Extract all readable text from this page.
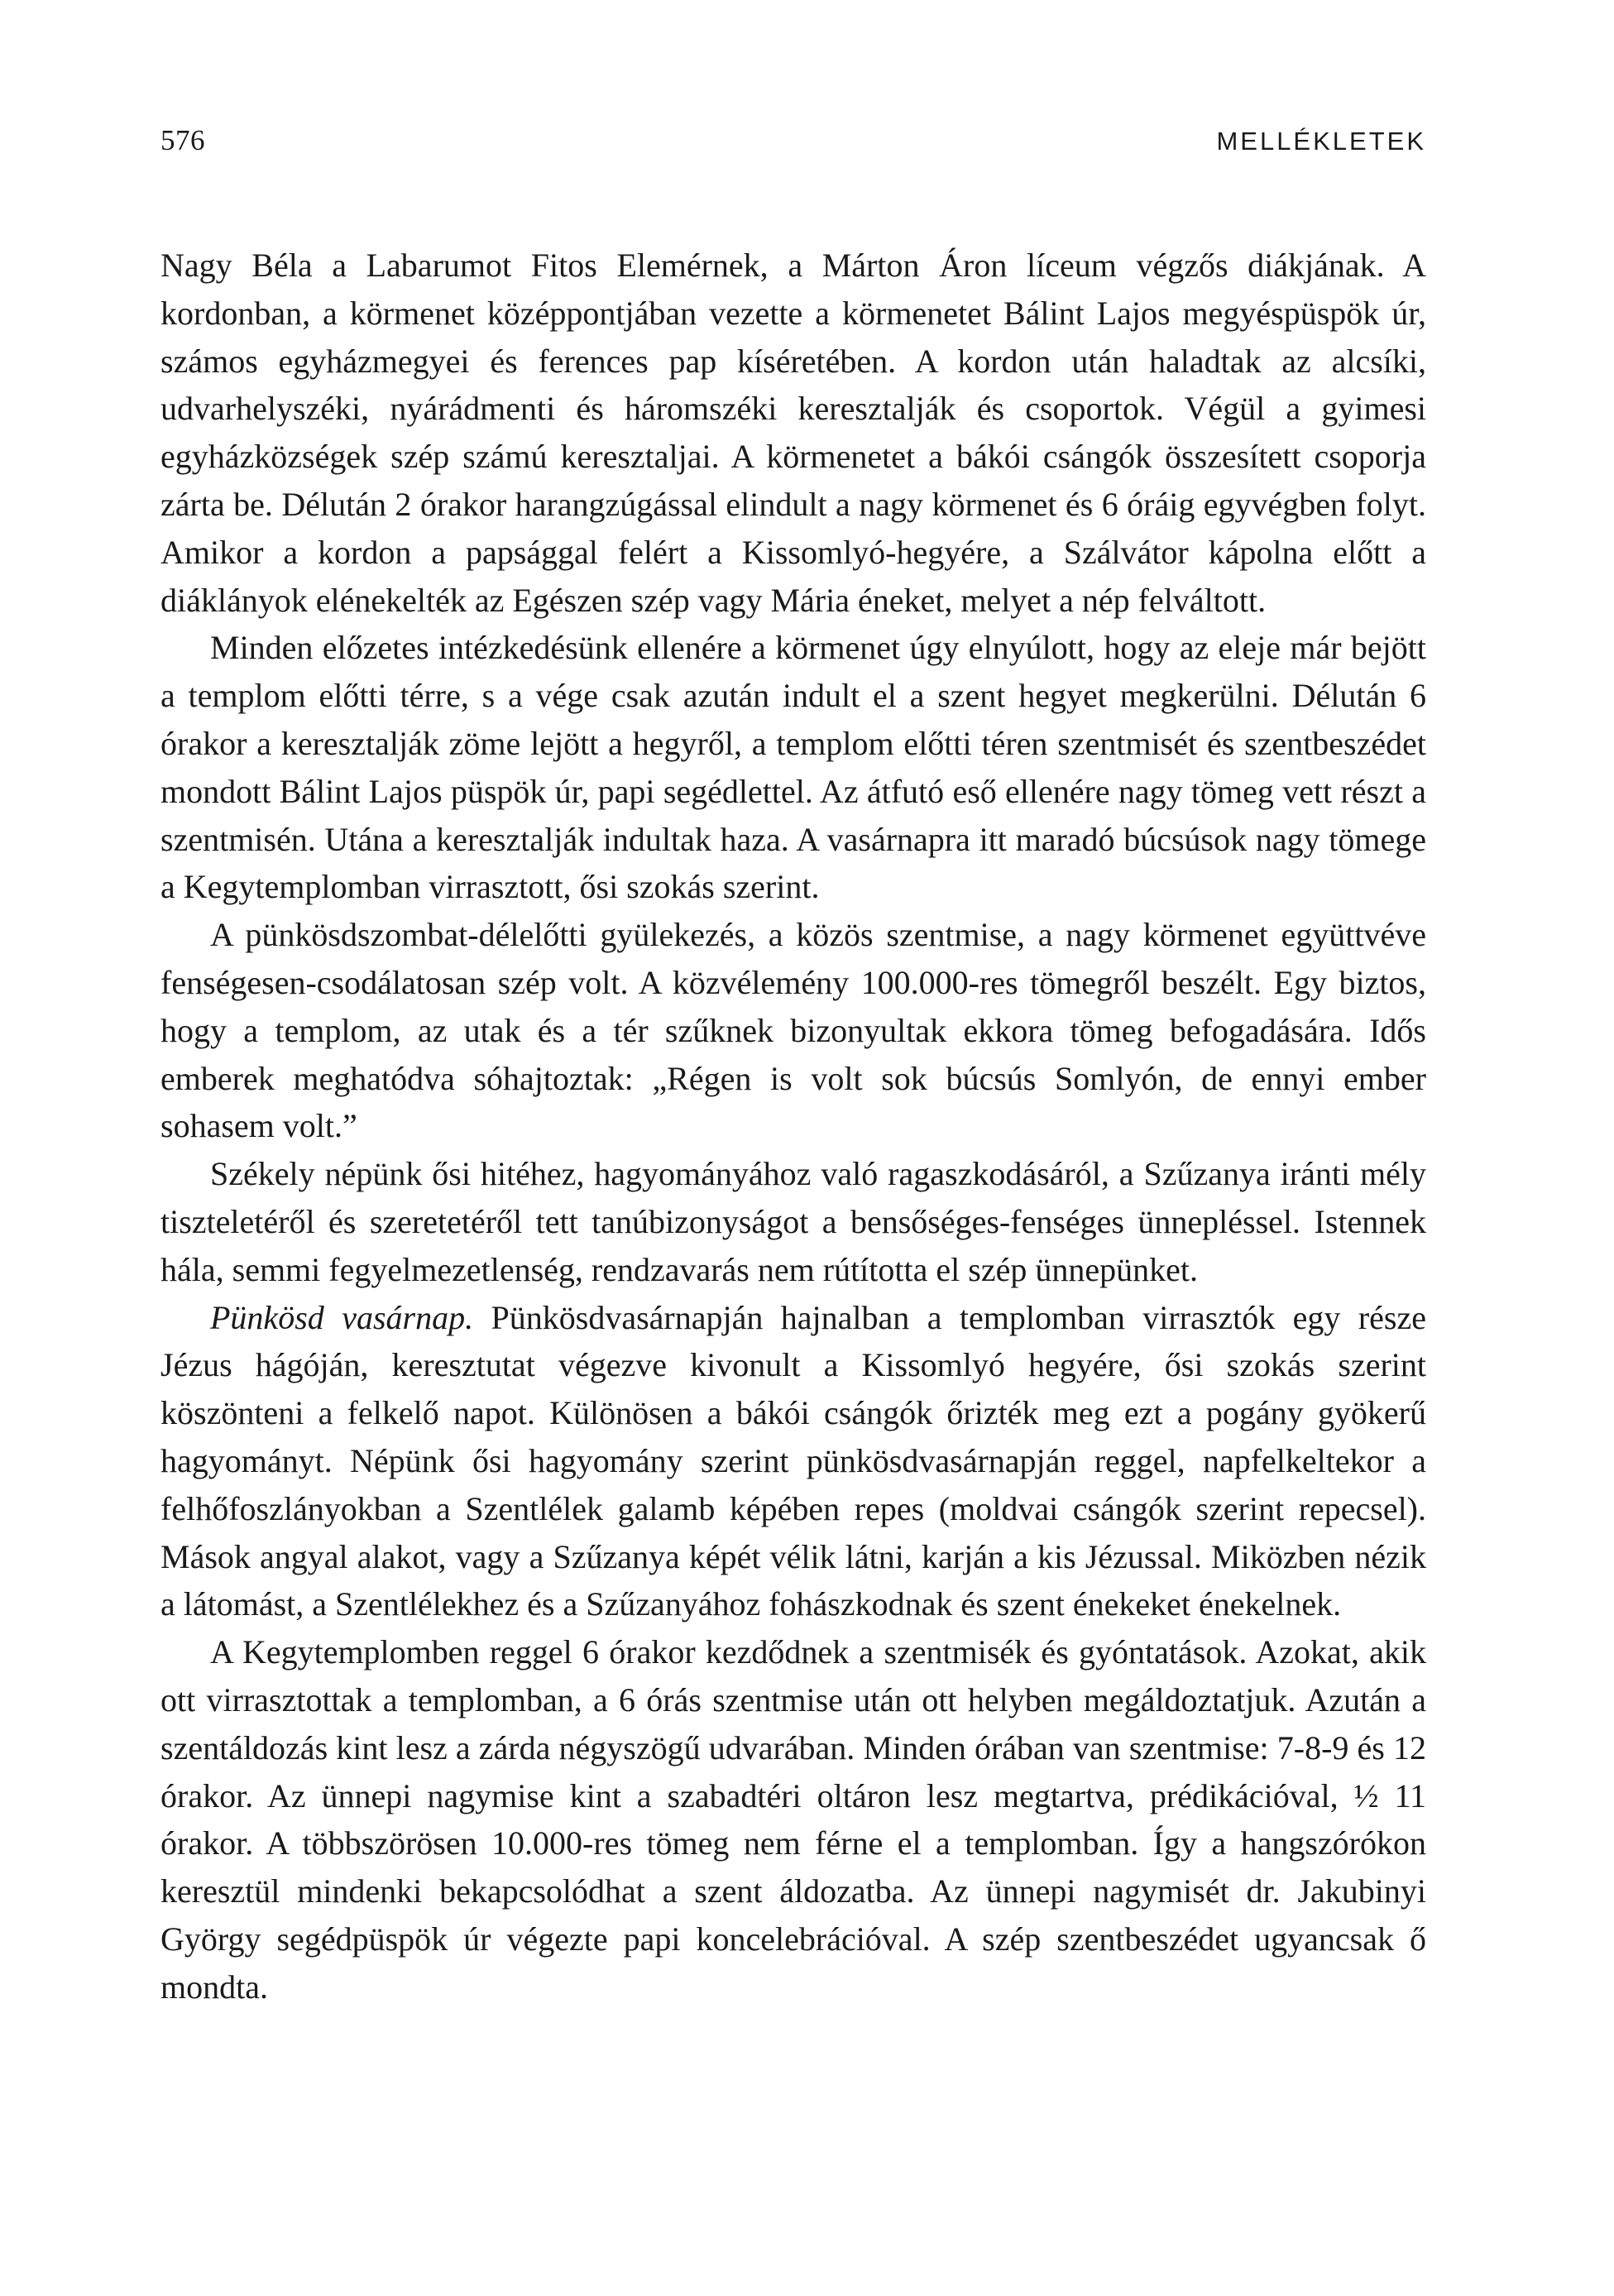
576	MELLÉKLETEK

Nagy Béla a Labarumot Fitos Elemérnek, a Márton Áron líceum végzős diákjának. A kordonban, a körmenet középpontjában vezette a körmenetet Bálint Lajos megyéspüspök úr, számos egyházmegyei és ferences pap kíséretében. A kordon után haladtak az alcsíki, udvarhelyszéki, nyárádmenti és háromszéki keresztalják és csoportok. Végül a gyimesi egyházközségek szép számú keresztaljai. A körmenetet a bákói csángók összesített csoporja zárta be. Délután 2 órakor harangzúgással elindult a nagy körmenet és 6 óráig egyvégben folyt. Amikor a kordon a papsággal felért a Kissomlyó-hegyére, a Szálvátor kápolna előtt a diáklányok elénekelték az Egészen szép vagy Mária éneket, melyet a nép felváltott.

Minden előzetes intézkedésünk ellenére a körmenet úgy elnyúlott, hogy az eleje már bejött a templom előtti térre, s a vége csak azután indult el a szent hegyet megkerülni. Délután 6 órakor a keresztalják zöme lejött a hegyről, a templom előtti téren szentmisét és szentbeszédet mondott Bálint Lajos püspök úr, papi segédlettel. Az átfutó eső ellenére nagy tömeg vett részt a szentmisén. Utána a keresztalják indultak haza. A vasárnapra itt maradó búcsúsok nagy tömege a Kegytemplomban virrasztott, ősi szokás szerint.

A pünkösdszombat-délelőtti gyülekezés, a közös szentmise, a nagy körmenet együttvéve fenségesen-csodálatosan szép volt. A közvélemény 100.000-res tömegről beszélt. Egy biztos, hogy a templom, az utak és a tér szűknek bizonyultak ekkora tömeg befogadására. Idős emberek meghatódva sóhajtoztak: „Régen is volt sok búcsús Somlyón, de ennyi ember sohasem volt.”

Székely népünk ősi hitéhez, hagyományához való ragaszkodásáról, a Szűzanya iránti mély tiszteletéről és szeretetéről tett tanúbizonyságot a bensőséges-fenséges ünnepléssel. Istennek hála, semmi fegyelmezetlenség, rendzavarás nem rútította el szép ünnepünket.

Pünkösd vasárnap. Pünkösdvasárnapján hajnalban a templomban virrasztók egy része Jézus hágóján, keresztutat végezve kivonult a Kissomlyó hegyére, ősi szokás szerint köszönteni a felkelő napot. Különösen a bákói csángók őrizték meg ezt a pogány gyökerű hagyományt. Népünk ősi hagyomány szerint pünkösdvasárnapján reggel, napfelkeltekor a felhőfoszlányokban a Szentlélek galamb képében repes (moldvai csángók szerint repecsel). Mások angyal alakot, vagy a Szűzanya képét vélik látni, karján a kis Jézussal. Miközben nézik a látomást, a Szentlélekhez és a Szűzanyához fohászkodnak és szent énekeket énekelnek.

A Kegytemplomben reggel 6 órakor kezdődnek a szentmisék és gyóntatások. Azokat, akik ott virrasztottak a templomban, a 6 órás szentmise után ott helyben megáldoztatjuk. Azután a szentáldozás kint lesz a zárda négyszögű udvarában. Minden órában van szentmise: 7-8-9 és 12 órakor. Az ünnepi nagymise kint a szabadtéri oltáron lesz megtartva, prédikációval, ½ 11 órakor. A többszörösen 10.000-res tömeg nem férne el a templomban. Így a hangszórókon keresztül mindenki bekapcsolódhat a szent áldozatba. Az ünnepi nagymisét dr. Jakubinyi György segédpüspök úr végezte papi koncelebrációval. A szép szentbeszédet ugyancsak ő mondta.
